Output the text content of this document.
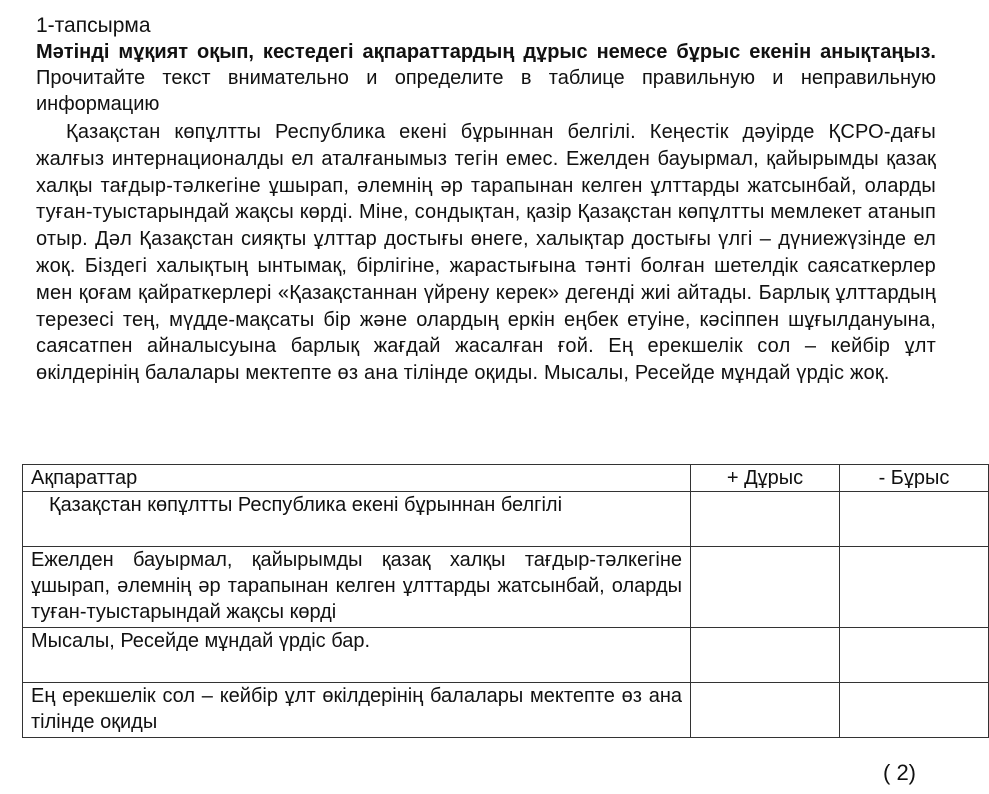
1-тапсырма

Мәтінді мұқият оқып, кестедегі ақпараттардың дұрыс немесе бұрыс екенін анықтаңыз. Прочитайте текст внимательно и определите в таблице правильную и неправильную информацию

Қазақстан көпұлтты Республика екені бұрыннан белгілі. Кеңестік дәуірде ҚСРО-дағы жалғыз интернационалды ел аталғанымыз тегін емес. Ежелден бауырмал, қайырымды қазақ халқы тағдыр-тәлкегіне ұшырап, әлемнің әр тарапынан келген ұлттарды жатсынбай, оларды туған-туыстарындай жақсы көрді. Міне, сондықтан, қазір Қазақстан көпұлтты мемлекет атанып отыр. Дәл Қазақстан сияқты ұлттар достығы өнеге, халықтар достығы үлгі – дүниежүзінде ел жоқ. Біздегі халықтың ынтымақ, бірлігіне, жарастығына тәнті болған шетелдік саясаткерлер мен қоғам қайраткерлері «Қазақстаннан үйрену керек» дегенді жиі айтады. Барлық ұлттардың терезесі тең, мүдде-мақсаты бір және олардың еркін еңбек етуіне, кәсіппен шұғылдануына, саясатпен айналысуына барлық жағдай жасалған ғой. Ең ерекшелік сол – кейбір ұлт өкілдерінің балалары мектепте өз ана тілінде оқиды. Мысалы, Ресейде мұндай үрдіс жоқ.

Ақпараттар	+ Дұрыс	- Бұрыс
Қазақстан көпұлтты Республика екені бұрыннан белгілі		
Ежелден бауырмал, қайырымды қазақ халқы тағдыр-тәлкегіне ұшырап, әлемнің әр тарапынан келген ұлттарды жатсынбай, оларды туған-туыстарындай жақсы көрді		
Мысалы, Ресейде мұндай үрдіс бар.		
Ең ерекшелік сол – кейбір ұлт өкілдерінің балалары мектепте өз ана тілінде оқиды		
( 2)
